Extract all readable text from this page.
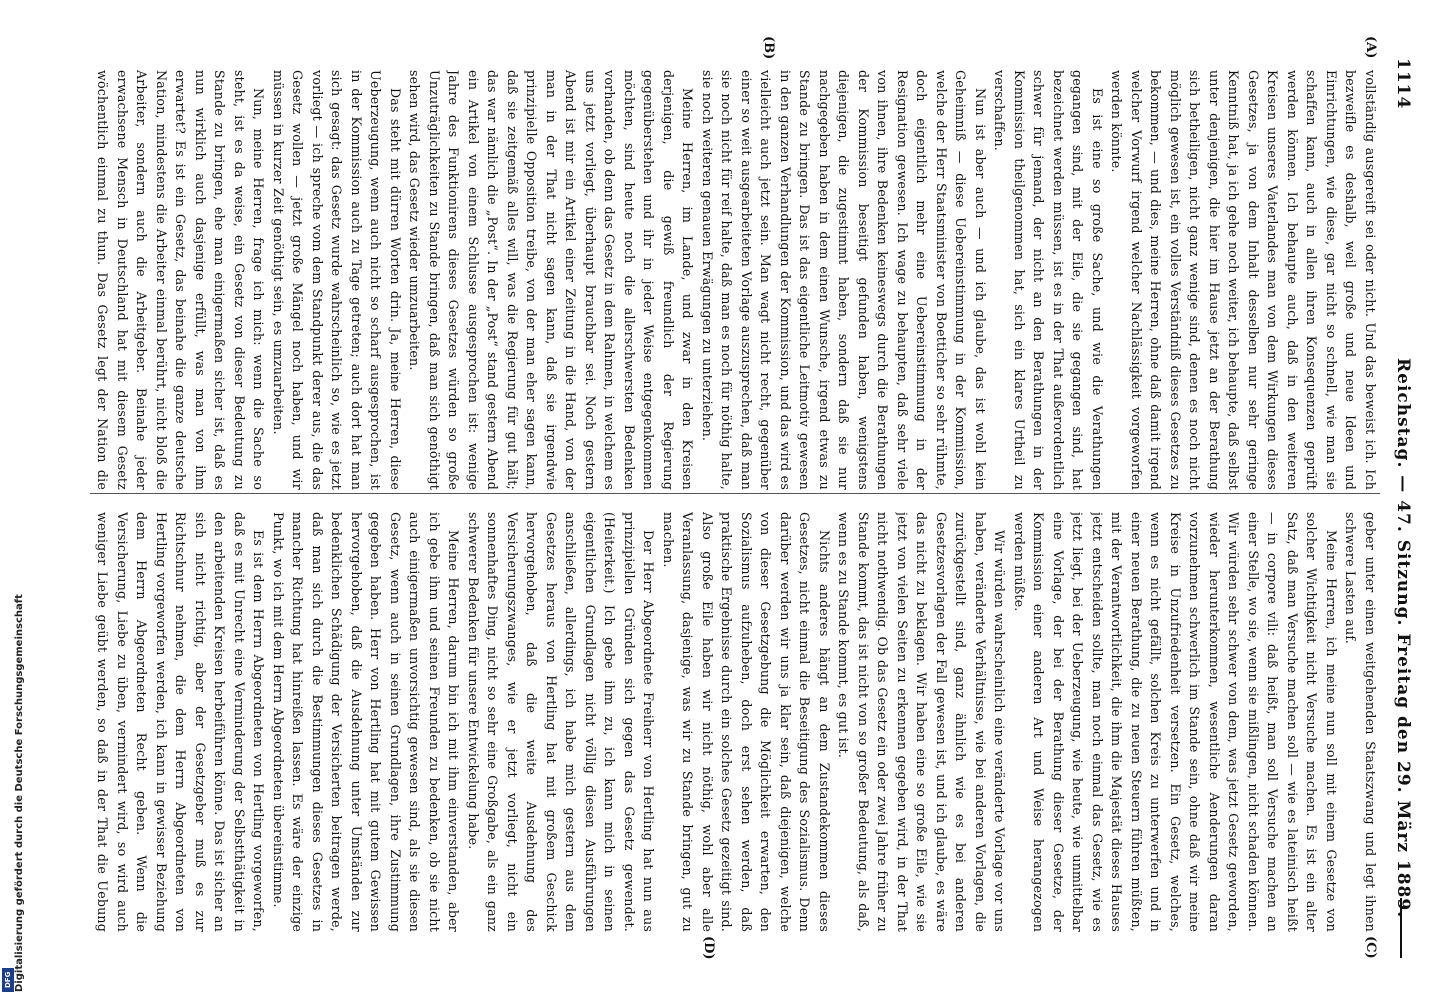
1114
Reichstag. — 47. Sitzung. Freitag den 29. März 1889.
(A)
(B)
(C)
(D)

vollständig ausgereift sei oder nicht. Und das beweist ich. Ich bezweifle es deshalb, weil große und neue Ideen und Einrichtungen, wie diese, gar nicht so schnell, wie man sie schaffen kann, auch in allen ihren Konsequenzen geprüft werden können. Ich behaupte auch, daß in den weiteren Kreisen unseres Vaterlandes man von dem Wirkungen dieses Gesetzes, ja von dem Inhalt desselben nur sehr geringe Kenntniß hat, ja ich gehe noch weiter, ich behaupte, daß selbst unter denjenigen, die hier im Hause jetzt an der Berathung sich betheiligen, nicht ganz wenige sind, denen es noch nicht möglich gewesen ist, ein volles Verständniß dieses Gesetzes zu bekommen, — und dies, meine Herren, ohne daß damit irgend welcher Vorwurf irgend welcher Nachlässigkeit vorgeworfen werden könnte.

Es ist eine so große Sache, und wie die Verathungen gegangen sind, mit der Eile, die sie gegangen sind, hat bezeichnet werden müssen, ist es in der That außerordentlich schwer für jemand, der nicht an den Berathungen in der Kommission theilgenommen hat, sich ein klares Urtheil zu verschaffen.

Nun ist aber auch — und ich glaube, das ist wohl kein Geheimniß — diese Uebereinstimmung in der Kommission, welche der Herr Staatsminister von Boetticher so sehr rühmte, doch eigentlich mehr eine Uebereinstimmung in der Resignation gewesen. Ich wage zu behaupten, daß sehr viele von ihnen, ihre Bedenken keineswegs durch die Berathungen der Kommission beseitigt gefunden haben, wenigstens diejenigen, die zugestimmt haben, sondern daß sie nur nachgegeben haben in dem einen Wunsche, irgend etwas zu Stande zu bringen. Das ist das eigentliche Leitmotiv gewesen in den ganzen Verhandlungen der Kommission, und das wird es vielleicht auch jetzt sein. Man wagt nicht recht, gegenüber einer so weit ausgearbeiteten Vorlage auszusprechen, daß man sie noch nicht für reif halte, daß man es noch für nöthig halte, sie noch weiteren genauen Erwägungen zu unterziehen.

Meine Herren, im Lande, und zwar in den Kreisen derjenigen, die gewiß freundlich der Regierung gegenüberstehen und ihr in jeder Weise entgegenkommen möchten, sind heute noch die allerschwersten Bedenken vorhanden, ob denn das Gesetz in dem Rahmen, in welchem es uns jetzt vorliegt, überhaupt brauchbar sei. Noch gestern Abend ist mir ein Artikel einer Zeitung in die Hand, von der man in der That nicht sagen kann, daß sie irgendwie prinzipielle Opposition treibe, von der man eher sagen kann, daß sie zeitgemäß alles will, was die Regierung für gut hält; das war nämlich die „Post“. In der „Post“ stand gestern Abend ein Artikel von einem Schlusse ausgesprochen ist: wenige Jahre des Funktionirens dieses Gesetzes würden so große Unzuträglichkeiten zu Stande bringen, daß man sich genöthigt sehen wird, das Gesetz wieder umzuarbeiten.

Das steht mit dürren Worten drin. Ja, meine Herren, diese Ueberzeugung, wenn auch nicht so scharf ausgesprochen, ist in der Kommission auch zu Tage getreten; auch dort hat man sich gesagt: das Gesetz wurde wahrscheinlich so, wie es jetzt vorliegt — ich spreche vom dem Standpunkt derer aus, die das Gesetz wollen — jetzt große Mängel noch haben, und wir müssen in kurzer Zeit genöthigt sein, es umzuarbeiten.

Nun, meine Herren, frage ich mich: wenn die Sache so steht, ist es da weise, ein Gesetz von dieser Bedeutung zu Stande zu bringen, ehe man einigermaßen sicher ist, daß es nun wirklich auch dasjenige erfüllt, was man von ihm erwartet? Es ist ein Gesetz, das beinahe die ganze deutsche Nation, mindestens die Arbeiter einmal berührt, nicht bloß die Arbeiter, sondern auch die Arbeitgeber. Beinahe jeder erwachsene Mensch in Deutschland hat mit diesem Gesetz wöchentlich einmal zu thun. Das Gesetz legt der Nation die

geber unter einen weitgehenden Staatszwang und legt ihnen schwere Lasten auf.

Meine Herren, ich meine nun soll mit einem Gesetze von solcher Wichtigkeit nicht Versuche machen. Es ist ein alter Satz, daß man Versuche machen soll — wie es lateinisch heißt — in corpore vili: daß heißt, man soll Versuche machen an einer Stelle, wo sie, wenn sie mißlingen, nicht schaden können. Wir würden sehr schwer von dem, was jetzt Gesetz geworden, wieder herunterkommen, wesentliche Aenderungen daran vorzunehmen schwerlich im Stande sein, ohne daß wir meine Kreise in Unzufriedenheit versetzen. Ein Gesetz, welches, wenn es nicht gefällt, solchen Kreis zu unterwerfen und in einer neuen Berathung, die zu neuen Steuern führen müßten, mit der Verantwortlichkeit, die ihm die Majestät dieses Hauses jetzt entscheiden sollte, man noch einmal das Gesetz, wie es jetzt liegt, bei der Ueberzeugung, wie heute, wie unmittelbar eine Vorlage, der bei der Berathung dieser Gesetze, der Kommission einer anderen Art und Weise herangezogen werden müßte.

Wir würden wahrscheinlich eine veränderte Vorlage vor uns haben, veränderte Verhältnisse, wie bei anderen Vorlagen, die zurückgestellt sind, ganz ähnlich wie es bei anderen Gesetzesvorlagen der Fall gewesen ist, und ich glaube, es wäre das nicht zu beklagen. Wir haben eine so große Eile, wie sie jetzt von vielen Seiten zu erkennen gegeben wird, in der That nicht nothwendig. Ob das Gesetz ein oder zwei Jahre früher zu Stande kommt, das ist nicht von so großer Bedeutung, als daß, wenn es zu Stande kommt, es gut ist.

Nichts anderes hängt an dem Zustandekommen dieses Gesetzes, nicht einmal die Beseitigung des Sozialismus. Denn darüber werden wir uns ja klar sein, daß diejenigen, welche von dieser Gesetzgebung die Möglichkeit erwarten, den Sozialismus aufzuheben, doch erst sehen werden, daß praktische Ergebnisse durch ein solches Gesetz gezeitigt sind. Also große Eile haben wir nicht nöthig, wohl aber alle Veranlassung, dasjenige, was wir zu Stande bringen, gut zu machen.

Der Herr Abgeordnete Freiherr von Hertling hat nun aus prinzipiellen Gründen sich gegen das Gesetz gewendet. (Heiterkeit.) Ich gebe ihm zu, ich kann mich in seinen eigentlichen Grundlagen nicht völlig diesen Ausführungen anschließen, allerdings, ich habe mich gestern aus dem Gesetzes heraus von Hertling hat mit großem Geschick hervorgehoben, daß die weite Ausdehnung des Versicherungszwanges, wie er jetzt vorliegt, nicht ein sonnenhaftes Ding, nicht so sehr eine Großgabe, als ein ganz schwerer Bedenken für unsere Entwickelung habe.

Meine Herren, darum bin ich mit ihm einverstanden, aber ich gebe ihm und seinen Freunden zu bedenken, ob sie nicht auch einigermaßen unvorsichtig gewesen sind, als sie diesen Gesetz, wenn auch in seinen Grundlagen, ihre Zustimmung gegeben haben. Herr von Hertling hat mit gutem Gewissen hervorgehoben, daß die Ausdehnung unter Umständen zur bedenklichen Schädigung der Versicherten beitragen werde, daß man sich durch die Bestimmungen dieses Gesetzes in mancher Richtung hat hinreißen lassen. Es wäre der einzige Punkt, wo ich mit dem Herrn Abgeordneten übereinstimme.

Es ist dem Herrn Abgeordneten von Hertling vorgeworfen, daß es mit Unrecht eine Verminderung der Selbstthätigkeit in den arbeitenden Kreisen herbeiführen könne. Das ist sicher an sich nicht richtig, aber der Gesetzgeber muß es zur Richtschnur nehmen, die dem Herrn Abgeordneten von Hertling vorgeworfen werden, ich kann in gewisser Beziehung dem Herrn Abgeordneten Recht geben. Wenn die Versicherung, Liebe zu üben, vermindert wird, so wird auch weniger Liebe geübt werden, so daß in der That die Uebung

Digitalisierung gefördert durch die Deutsche Forschungsgemeinschaft
DFG
